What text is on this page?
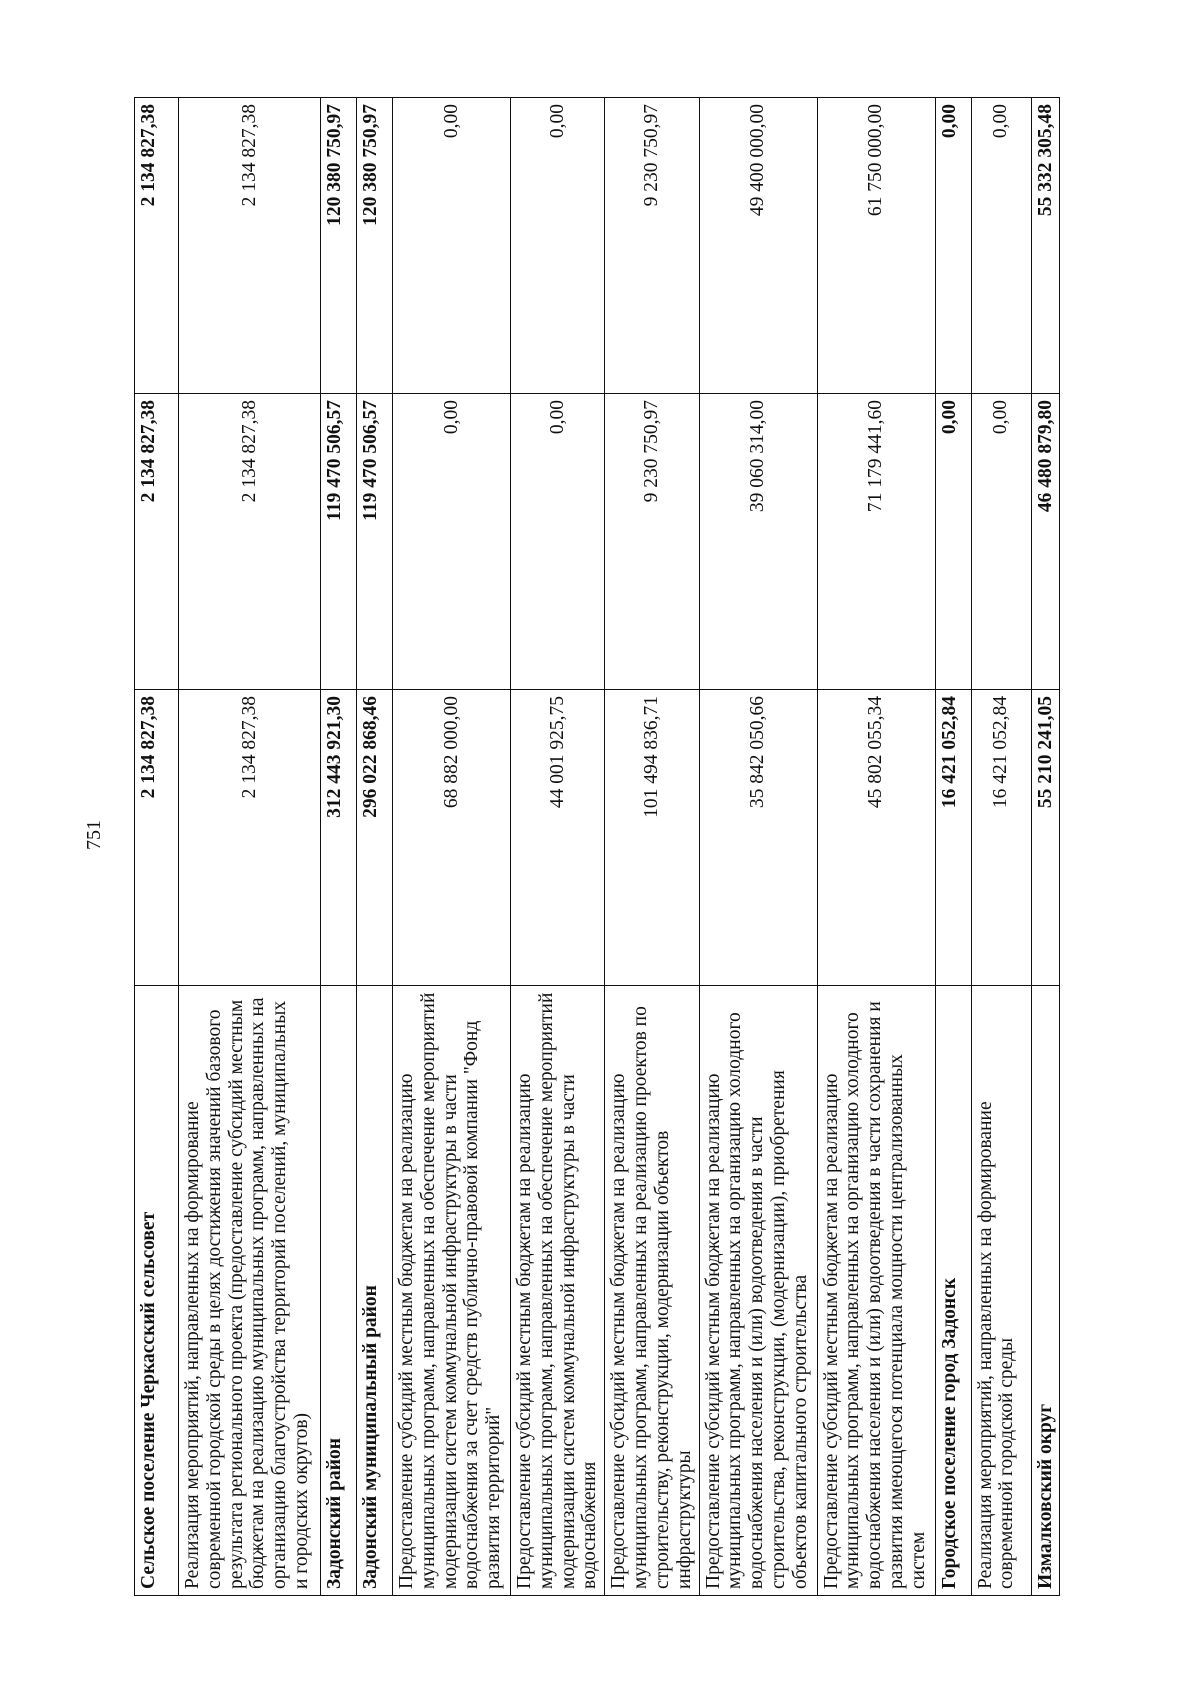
751
Сельское поселение Черкасский сельсовет	2 134 827,38	2 134 827,38	2 134 827,38
Реализация мероприятий, направленных на формирование современной городской среды в целях достижения значений базового результата регионального проекта (предоставление субсидий местным бюджетам на реализацию муниципальных программ, направленных на организацию благоустройства территорий поселений, муниципальных и городских округов)	2 134 827,38	2 134 827,38	2 134 827,38
Задонский район	312 443 921,30	119 470 506,57	120 380 750,97
Задонский муниципальный район	296 022 868,46	119 470 506,57	120 380 750,97
Предоставление субсидий местным бюджетам на реализацию муниципальных программ, направленных на обеспечение мероприятий модернизации систем коммунальной инфраструктуры в части водоснабжения за счет средств публично-правовой компании "Фонд развития территорий"	68 882 000,00	0,00	0,00
Предоставление субсидий местным бюджетам на реализацию муниципальных программ, направленных на обеспечение мероприятий модернизации систем коммунальной инфраструктуры в части водоснабжения	44 001 925,75	0,00	0,00
Предоставление субсидий местным бюджетам на реализацию муниципальных программ, направленных на реализацию проектов по строительству, реконструкции, модернизации объектов инфраструктуры	101 494 836,71	9 230 750,97	9 230 750,97
Предоставление субсидий местным бюджетам на реализацию муниципальных программ, направленных на организацию холодного водоснабжения населения и (или) водоотведения в части строительства, реконструкции, (модернизации), приобретения объектов капитального строительства	35 842 050,66	39 060 314,00	49 400 000,00
Предоставление субсидий местным бюджетам на реализацию муниципальных программ, направленных на организацию холодного водоснабжения населения и (или) водоотведения в части сохранения и развития имеющегося потенциала мощности централизованных систем	45 802 055,34	71 179 441,60	61 750 000,00
Городское поселение город Задонск	16 421 052,84	0,00	0,00
Реализация мероприятий, направленных на формирование современной городской среды	16 421 052,84	0,00	0,00
Измалковский округ	55 210 241,05	46 480 879,80	55 332 305,48
